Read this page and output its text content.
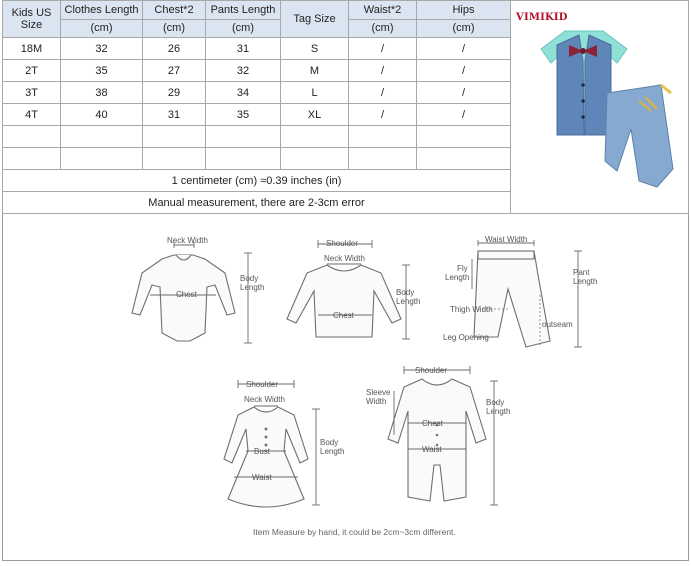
Kids US Size	Clothes Length	Chest*2	Pants Length	Tag Size	Waist*2	Hips
	(cm)	(cm)	(cm)		(cm)	(cm)
18M	32	26	31	S	/	/
2T	35	27	32	M	/	/
3T	38	29	34	L	/	/
4T	40	31	35	XL	/	/

1 centimeter (cm) ≈0.39 inches (in)						
Manual measurement, there are 2-3cm error						
VIMIKID
Neck Width
Chest
Body
Length
Shoulder
Neck Width
Chest
Body
Length
Waist Width
Fly
Length
Pant
Length
Thigh Width
outseam
Leg Opening
Shoulder
Neck Width
Bust
Waist
Body
Length
Shoulder
Sleeve
Width
Chest
Waist
Body
Length
Item Measure by hand, it could be 2cm~3cm different.
